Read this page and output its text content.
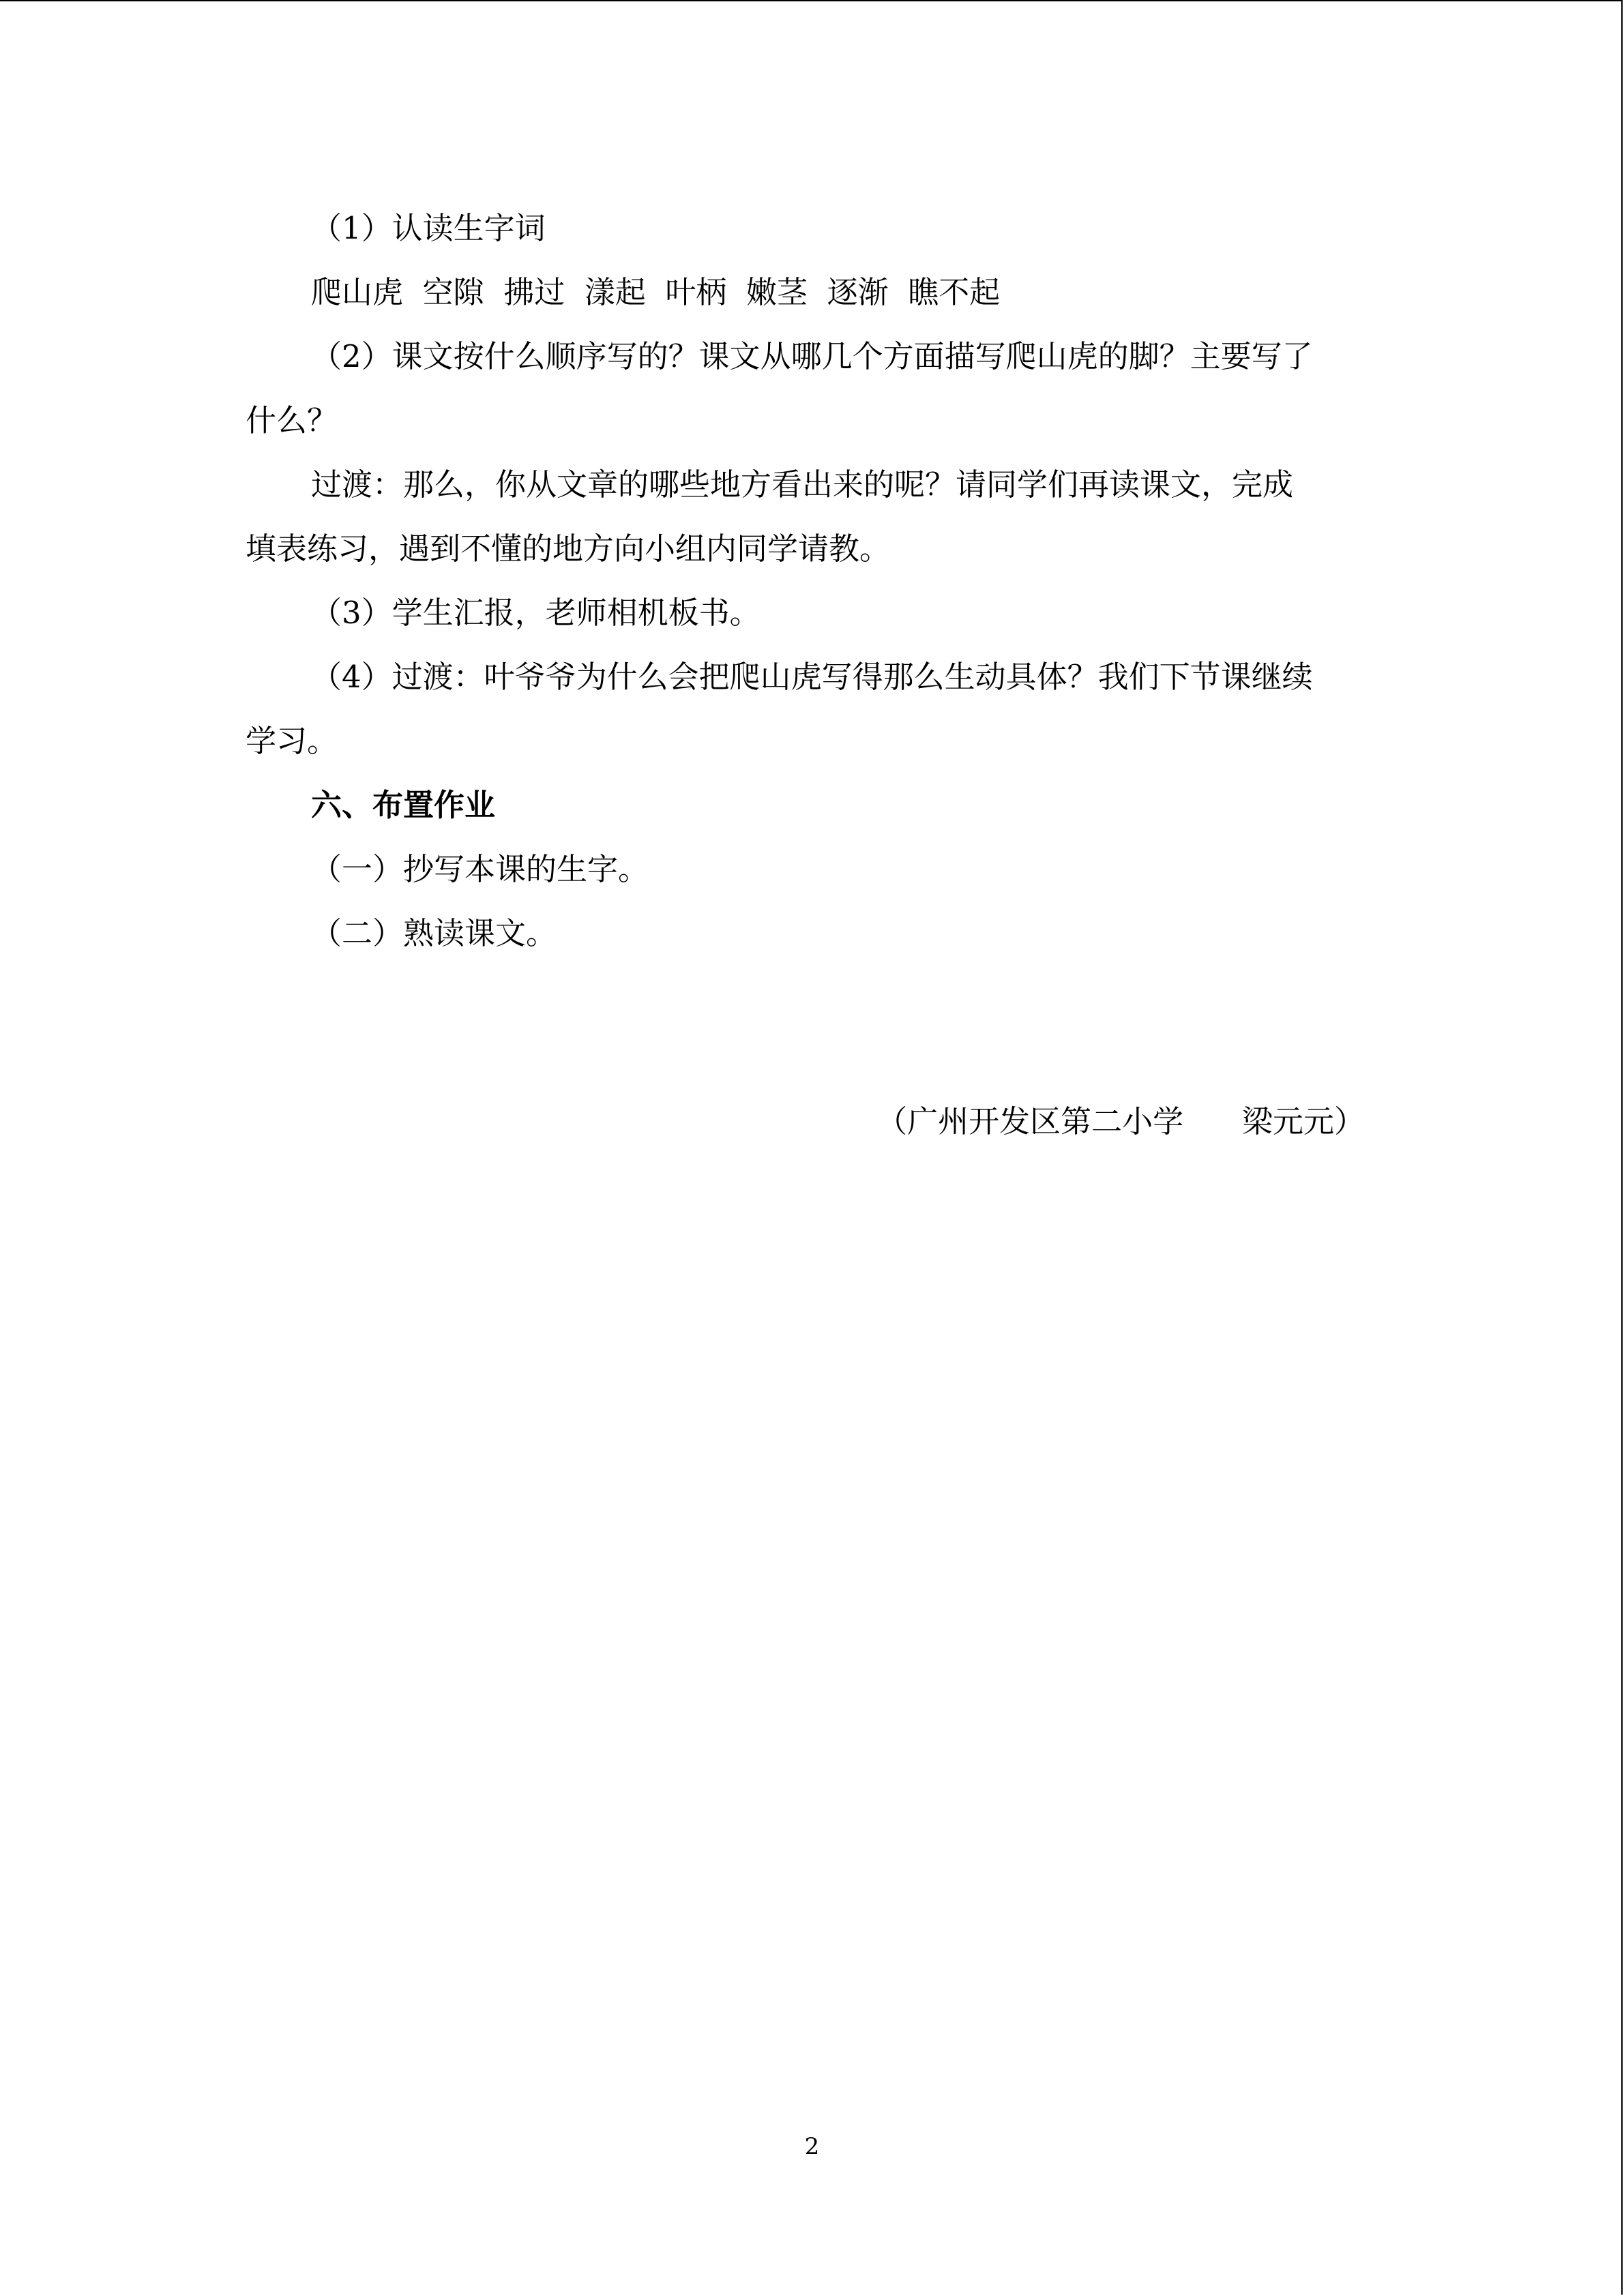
（1）认读生字词
爬山虎  空隙  拂过  漾起  叶柄  嫩茎  逐渐  瞧不起
（2）课文按什么顺序写的？课文从哪几个方面描写爬山虎的脚？主要写了
什么？
过渡：那么，你从文章的哪些地方看出来的呢？请同学们再读课文，完成
填表练习，遇到不懂的地方向小组内同学请教。
（3）学生汇报，老师相机板书。
（4）过渡：叶爷爷为什么会把爬山虎写得那么生动具体？我们下节课继续
学习。
六、布置作业
（一）抄写本课的生字。
（二）熟读课文。
（广州开发区第二小学      梁元元）
2
